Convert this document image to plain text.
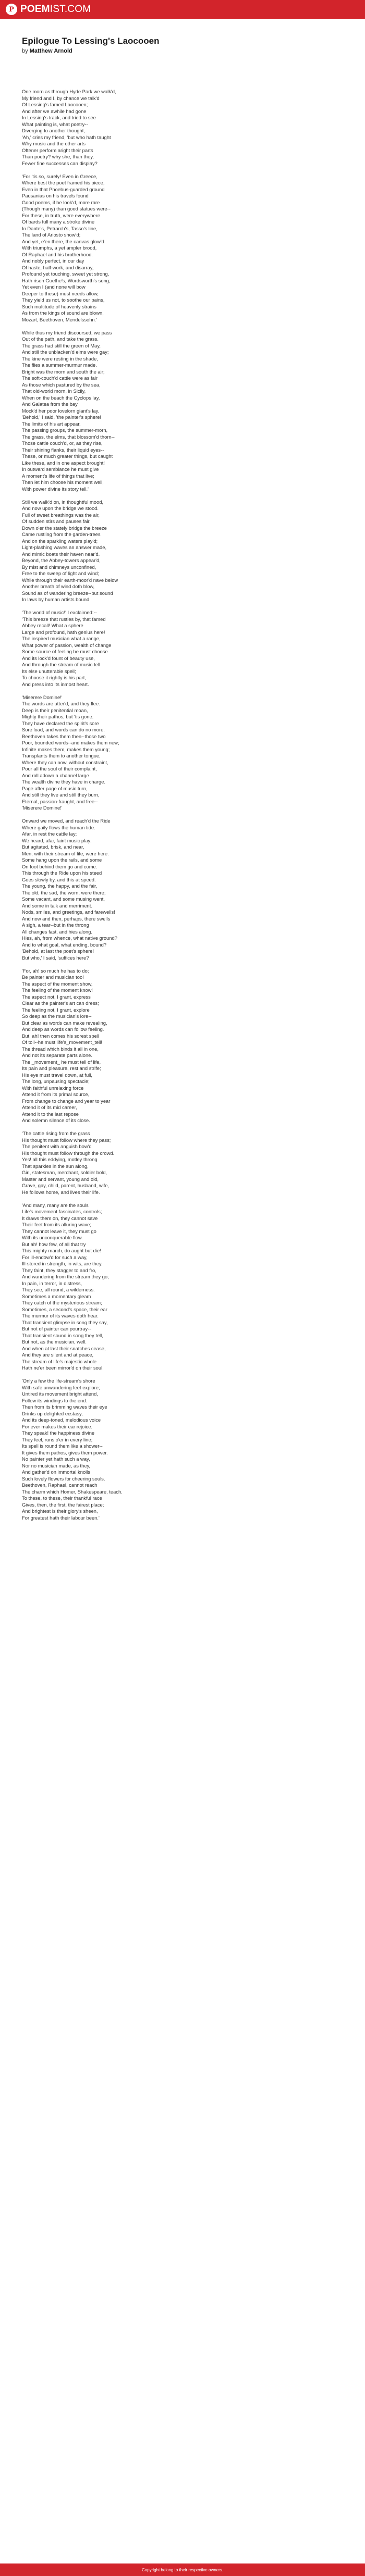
P POEMIST.COM
Epilogue To Lessing's Laocooen
by Matthew Arnold
One morn as through Hyde Park we walk'd,
My friend and I, by chance we talk'd
Of Lessing's famed Laocooen;
And after we awhile had gone
In Lessing's track, and tried to see
What painting is, what poetry--
Diverging to another thought,
'Ah,' cries my friend, 'but who hath taught
Why music and the other arts
Oftener perform aright their parts
Than poetry? why she, than they,
Fewer fine successes can display?
'For 'tis so, surely! Even in Greece,
Where best the poet framed his piece,
Even in that Phoebus-guarded ground
Pausanias on his travels found
Good poems, if he look'd, more rare
(Though many) than good statues were--
For these, in truth, were everywhere.
Of bards full many a stroke divine
In Dante's, Petrarch's, Tasso's line,
The land of Ariosto show'd;
And yet, e'en there, the canvas glow'd
With triumphs, a yet ampler brood,
Of Raphael and his brotherhood.
And nobly perfect, in our day
Of haste, half-work, and disarray,
Profound yet touching, sweet yet strong,
Hath risen Goethe's, Wordsworth's song;
Yet even I (and none will bow
Deeper to these) must needs allow,
They yield us not, to soothe our pains,
Such multitude of heavenly strains
As from the kings of sound are blown,
Mozart, Beethoven, Mendelssohn.'
While thus my friend discoursed, we pass
Out of the path, and take the grass.
The grass had still the green of May,
And still the unblacken'd elms were gay;
The kine were resting in the shade,
The flies a summer-murmur made.
Bright was the morn and south the air;
The soft-couch'd cattle were as fair
As those which pastured by the sea,
That old-world morn, in Sicily,
When on the beach the Cyclops lay,
And Galatea from the bay
Mock'd her poor lovelorn giant's lay.
'Behold,' I said, 'the painter's sphere!
The limits of his art appear.
The passing groups, the summer-morn,
The grass, the elms, that blossom'd thorn--
Those cattle couch'd, or, as they rise,
Their shining flanks, their liquid eyes--
These, or much greater things, but caught
Like these, and in one aspect brought!
In outward semblance he must give
A moment's life of things that live;
Then let him choose his moment well,
With power divine its story tell.'
Still we walk'd on, in thoughtful mood,
And now upon the bridge we stood.
Full of sweet breathings was the air,
Of sudden stirs and pauses fair.
Down o'er the stately bridge the breeze
Came rustling from the garden-trees
And on the sparkling waters play'd;
Light-plashing waves an answer made,
And mimic boats their haven near'd.
Beyond, the Abbey-towers appear'd,
By mist and chimneys unconfined,
Free to the sweep of light and wind;
While through their earth-moor'd nave below
Another breath of wind doth blow,
Sound as of wandering breeze--but sound
In laws by human artists bound.
'The world of music!' I exclaimed:--
'This breeze that rustles by, that famed
Abbey recall! What a sphere
Large and profound, hath genius here!
The inspired musician what a range,
What power of passion, wealth of change
Some source of feeling he must choose
And its lock'd fount of beauty use,
And through the stream of music tell
Its else unutterable spell;
To choose it rightly is his part,
And press into its inmost heart.
'Miserere Domine!'
The words are utter'd, and they flee.
Deep is their penitential moan,
Mighty their pathos, but 'tis gone.
They have declared the spirit's sore
Sore load, and words can do no more.
Beethoven takes them then--those two
Poor, bounded words--and makes them new;
Infinite makes them, makes them young;
Transplants them to another tongue,
Where they can now, without constraint,
Pour all the soul of their complaint,
And roll adown a channel large
The wealth divine they have in charge.
Page after page of music turn,
And still they live and still they burn,
Eternal, passion-fraught, and free--
'Miserere Domine!'
Onward we moved, and reach'd the Ride
Where gaily flows the human tide.
Afar, in rest the cattle lay;
We heard, afar, faint music play;
But agitated, brisk, and near,
Men, with their stream of life, were here.
Some hang upon the rails, and some
On foot behind them go and come.
This through the Ride upon his steed
Goes slowly by, and this at speed.
The young, the happy, and the fair,
The old, the sad, the worn, were there;
Some vacant, and some musing went,
And some in talk and merriment.
Nods, smiles, and greetings, and farewells!
And now and then, perhaps, there swells
A sigh, a tear--but in the throng
All changes fast, and hies along.
Hies, ah, from whence, what native ground?
And to what goal, what ending, bound?
'Behold, at last the poet's sphere!
But who,' I said, 'suffices here?
'For, ah! so much he has to do;
Be painter and musician too!
The aspect of the moment show,
The feeling of the moment know!
The aspect not, I grant, express
Clear as the painter's art can dress;
The feeling not, I grant, explore
So deep as the musician's lore--
But clear as words can make revealing,
And deep as words can follow feeling.
But, ah! then comes his sorest spell
Of toil--he must life's_movement_tell!
The thread which binds it all in one,
And not its separate parts alone.
The _movement_ he must tell of life,
Its pain and pleasure, rest and strife;
His eye must travel down, at full,
The long, unpausing spectacle;
With faithful unrelaxing force
Attend it from its primal source,
From change to change and year to year
Attend it of its mid career,
Attend it to the last repose
And solemn silence of its close.
'The cattle rising from the grass
His thought must follow where they pass;
The penitent with anguish bow'd
His thought must follow through the crowd.
Yes! all this eddying, motley throng
That sparkles in the sun along,
Girl, statesman, merchant, soldier bold,
Master and servant, young and old,
Grave, gay, child, parent, husband, wife,
He follows home, and lives their life.
'And many, many are the souls
Life's movement fascinates, controls;
It draws them on, they cannot save
Their feet from its alluring wave;
They cannot leave it, they must go
With its unconquerable flow.
But ah! how few, of all that try
This mighty march, do aught but die!
For ill-endow'd for such a way,
Ill-stored in strength, in wits, are they.
They faint, they stagger to and fro,
And wandering from the stream they go;
In pain, in terror, in distress,
They see, all round, a wilderness.
Sometimes a momentary gleam
They catch of the mysterious stream;
Sometimes, a second's space, their ear
The murmur of its waves doth hear.
That transient glimpse in song they say,
But not of painter can pourtray--
That transient sound in song they tell,
But not, as the musician, well.
And when at last their snatches cease,
And they are silent and at peace,
The stream of life's majestic whole
Hath ne'er been mirror'd on their soul.
'Only a few the life-stream's shore
With safe unwandering feet explore;
Untired its movement bright attend,
Follow its windings to the end.
Then from its brimming waves their eye
Drinks up delighted ecstasy,
And its deep-toned, melodious voice
For ever makes their ear rejoice.
They speak! the happiness divine
They feel, runs o'er in every line;
Its spell is round them like a shower--
It gives them pathos, gives them power.
No painter yet hath such a way,
Nor no musician made, as they,
And gather'd on immortal knolls
Such lovely flowers for cheering souls.
Beethoven, Raphael, cannot reach
The charm which Homer, Shakespeare, teach.
To these, to these, their thankful race
Gives, then, the first, the fairest place;
And brightest is their glory's sheen,
For greatest hath their labour been.'
Copyright belong to their respective owners.
